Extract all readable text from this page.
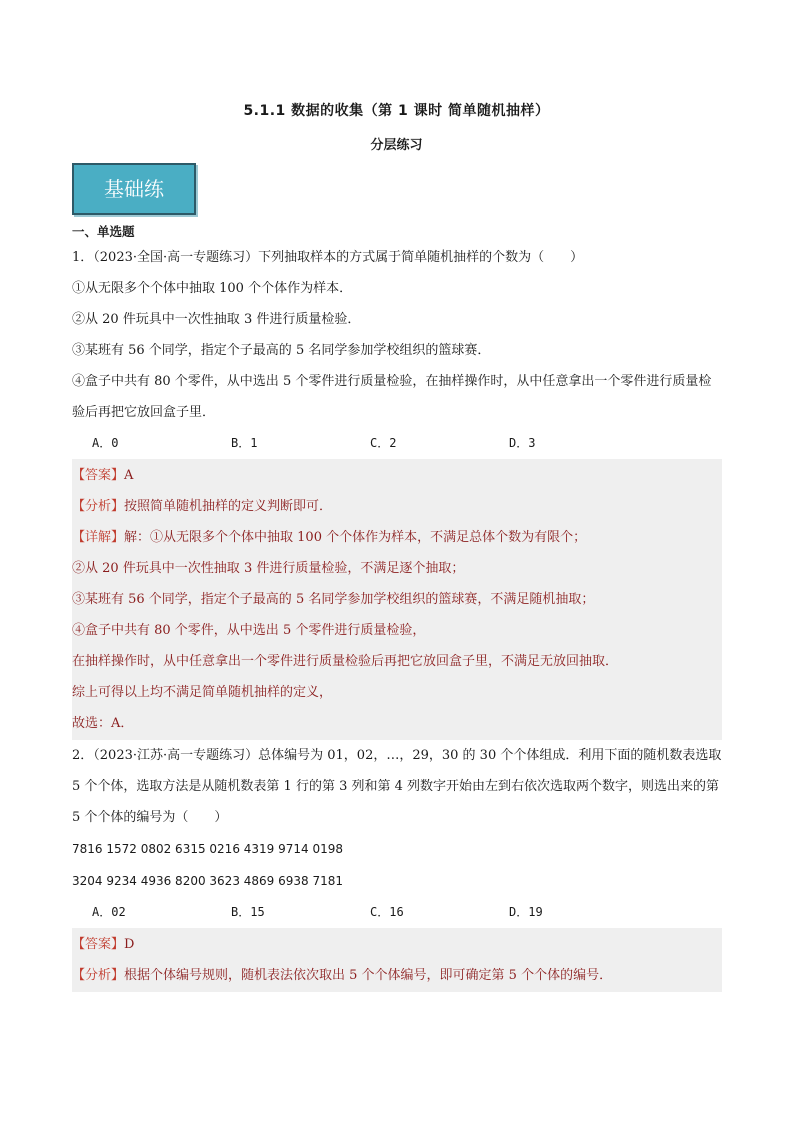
5.1.1 数据的收集（第 1 课时 简单随机抽样）
分层练习
基础练
一、单选题
1．（2023·全国·高一专题练习）下列抽取样本的方式属于简单随机抽样的个数为（　　）
①从无限多个个体中抽取 100 个个体作为样本．
②从 20 件玩具中一次性抽取 3 件进行质量检验．
③某班有 56 个同学，指定个子最高的 5 名同学参加学校组织的篮球赛．
④盒子中共有 80 个零件，从中选出 5 个零件进行质量检验，在抽样操作时，从中任意拿出一个零件进行质量检验后再把它放回盒子里．
A．0	B．1	C．2	D．3
【答案】A
【分析】按照简单随机抽样的定义判断即可．
【详解】解：①从无限多个个体中抽取 100 个个体作为样本，不满足总体个数为有限个；
②从 20 件玩具中一次性抽取 3 件进行质量检验，不满足逐个抽取；
③某班有 56 个同学，指定个子最高的 5 名同学参加学校组织的篮球赛，不满足随机抽取；
④盒子中共有 80 个零件，从中选出 5 个零件进行质量检验，
在抽样操作时，从中任意拿出一个零件进行质量检验后再把它放回盒子里，不满足无放回抽取．
综上可得以上均不满足简单随机抽样的定义，
故选：A．
2．（2023·江苏·高一专题练习）总体编号为 01，02，…，29，30 的 30 个个体组成．利用下面的随机数表选取 5 个个体，选取方法是从随机数表第 1 行的第 3 列和第 4 列数字开始由左到右依次选取两个数字，则选出来的第 5 个个体的编号为（　　）
7816 1572 0802 6315 0216 4319 9714 0198
3204 9234 4936 8200 3623 4869 6938 7181
A．02	B．15	C．16	D．19
【答案】D
【分析】根据个体编号规则，随机表法依次取出 5 个个体编号，即可确定第 5 个个体的编号．
